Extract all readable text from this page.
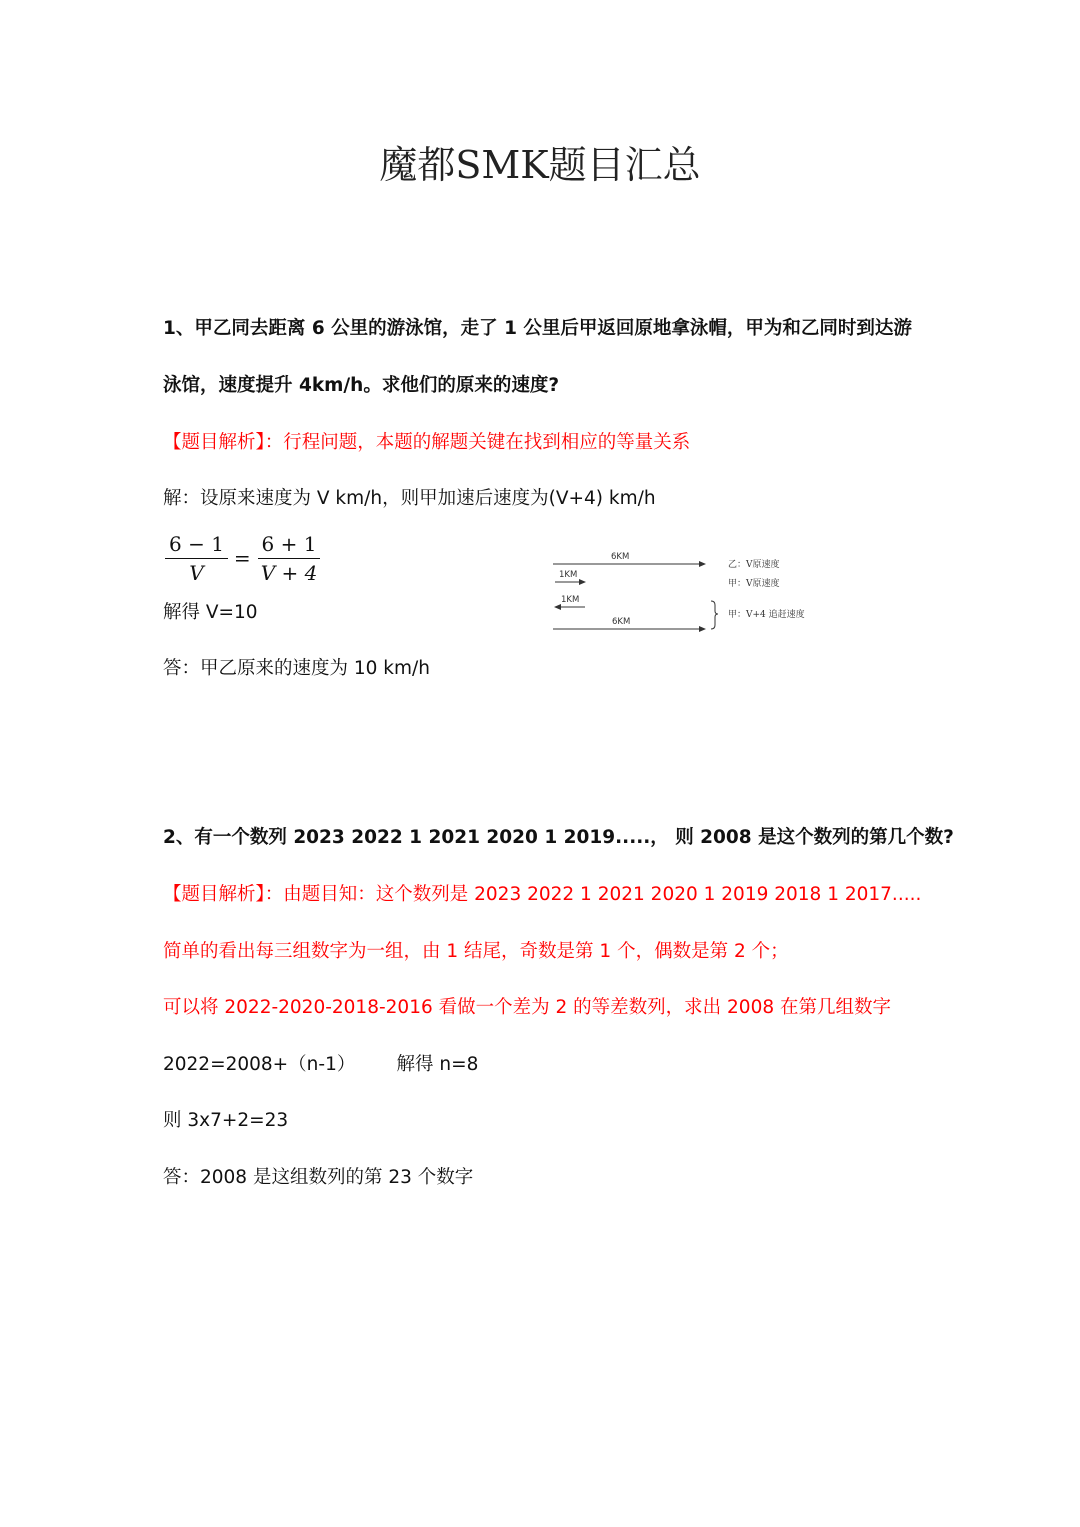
魔都SMK题目汇总
1、甲乙同去距离 6 公里的游泳馆，走了 1 公里后甲返回原地拿泳帽，甲为和乙同时到达游
泳馆，速度提升 4km/h。求他们的原来的速度?
【题目解析】：行程问题，本题的解题关键在找到相应的等量关系
解：设原来速度为 V km/h，则甲加速后速度为(V+4) km/h
$\frac{6 - 1}{V} = \frac{6 + 1}{V + 4}$
解得 V=10
答：甲乙原来的速度为 10 km/h
6KM
1KM
1KM
6KM
乙：V原速度
甲：V原速度
甲：V+4 追赶速度
2、有一个数列 2023 2022 1 2021 2020 1 2019.....， 则 2008 是这个数列的第几个数?
【题目解析】：由题目知：这个数列是 2023 2022 1 2021 2020 1 2019 2018 1 2017.....
简单的看出每三组数字为一组，由 1 结尾，奇数是第 1 个，偶数是第 2 个；
可以将 2022-2020-2018-2016 看做一个差为 2 的等差数列，求出 2008 在第几组数字
2022=2008+（n-1）       解得 n=8
则 3x7+2=23
答：2008 是这组数列的第 23 个数字
